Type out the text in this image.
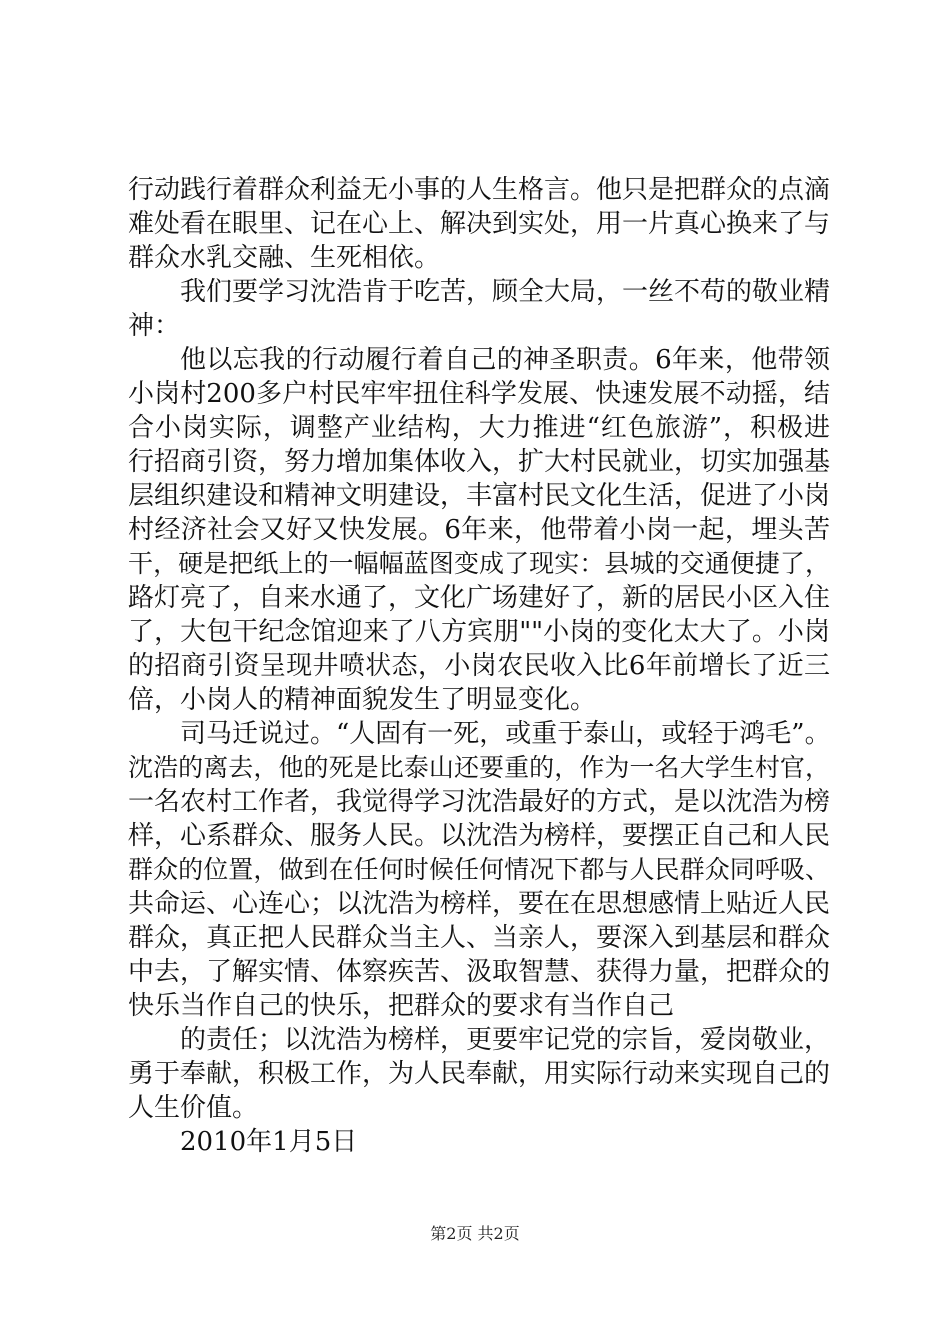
行动践行着群众利益无小事的人生格言。他只是把群众的点滴
难处看在眼里、记在心上、解决到实处，用一片真心换来了与
群众水乳交融、生死相依。
我们要学习沈浩肯于吃苦，顾全大局，一丝不苟的敬业精
神：
他以忘我的行动履行着自己的神圣职责。6年来，他带领
小岗村200多户村民牢牢扭住科学发展、快速发展不动摇，结
合小岗实际，调整产业结构，大力推进“红色旅游”，积极进
行招商引资，努力增加集体收入，扩大村民就业，切实加强基
层组织建设和精神文明建设，丰富村民文化生活，促进了小岗
村经济社会又好又快发展。6年来，他带着小岗一起，埋头苦
干，硬是把纸上的一幅幅蓝图变成了现实：县城的交通便捷了，
路灯亮了，自来水通了，文化广场建好了，新的居民小区入住
了，大包干纪念馆迎来了八方宾朋""小岗的变化太大了。小岗
的招商引资呈现井喷状态，小岗农民收入比6年前增长了近三
倍，小岗人的精神面貌发生了明显变化。
司马迁说过。“人固有一死，或重于泰山，或轻于鸿毛”。
沈浩的离去，他的死是比泰山还要重的，作为一名大学生村官，
一名农村工作者，我觉得学习沈浩最好的方式，是以沈浩为榜
样，心系群众、服务人民。以沈浩为榜样，要摆正自己和人民
群众的位置，做到在任何时候任何情况下都与人民群众同呼吸、
共命运、心连心；以沈浩为榜样，要在在思想感情上贴近人民
群众，真正把人民群众当主人、当亲人，要深入到基层和群众
中去，了解实情、体察疾苦、汲取智慧、获得力量，把群众的
快乐当作自己的快乐，把群众的要求有当作自己
的责任；以沈浩为榜样，更要牢记党的宗旨，爱岗敬业，
勇于奉献，积极工作，为人民奉献，用实际行动来实现自己的
人生价值。
2010年1月5日
第2页 共2页
